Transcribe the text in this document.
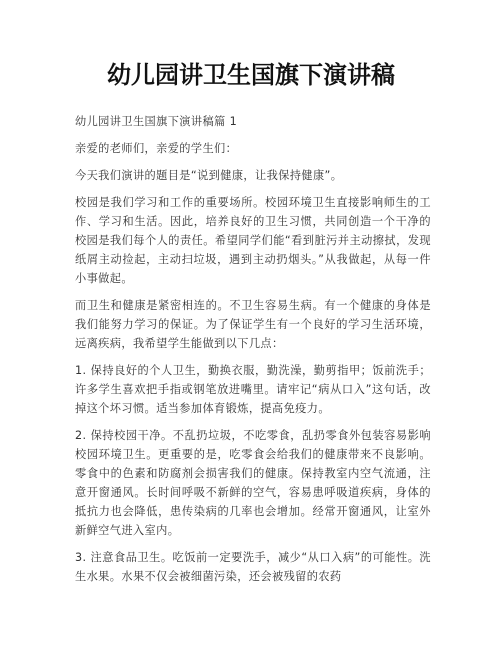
幼儿园讲卫生国旗下演讲稿

幼儿园讲卫生国旗下演讲稿篇 1

亲爱的老师们，亲爱的学生们：

今天我们演讲的题目是“说到健康，让我保持健康”。

校园是我们学习和工作的重要场所。校园环境卫生直接影响师生的工作、学习和生活。因此，培养良好的卫生习惯，共同创造一个干净的校园是我们每个人的责任。希望同学们能“看到脏污并主动擦拭，发现纸屑主动捡起，主动扫垃圾，遇到主动扔烟头。”从我做起，从每一件小事做起。

而卫生和健康是紧密相连的。不卫生容易生病。有一个健康的身体是我们能努力学习的保证。为了保证学生有一个良好的学习生活环境，远离疾病，我希望学生能做到以下几点：

1. 保持良好的个人卫生，勤换衣服，勤洗澡，勤剪指甲；饭前洗手；许多学生喜欢把手指或钢笔放进嘴里。请牢记“病从口入”这句话，改掉这个坏习惯。适当参加体育锻炼，提高免疫力。

2. 保持校园干净。不乱扔垃圾，不吃零食，乱扔零食外包装容易影响校园环境卫生。更重要的是，吃零食会给我们的健康带来不良影响。零食中的色素和防腐剂会损害我们的健康。保持教室内空气流通，注意开窗通风。长时间呼吸不新鲜的空气，容易患呼吸道疾病，身体的抵抗力也会降低，患传染病的几率也会增加。经常开窗通风，让室外新鲜空气进入室内。

3. 注意食品卫生。吃饭前一定要洗手，减少“从口入病”的可能性。洗生水果。水果不仅会被细菌污染，还会被残留的农药
